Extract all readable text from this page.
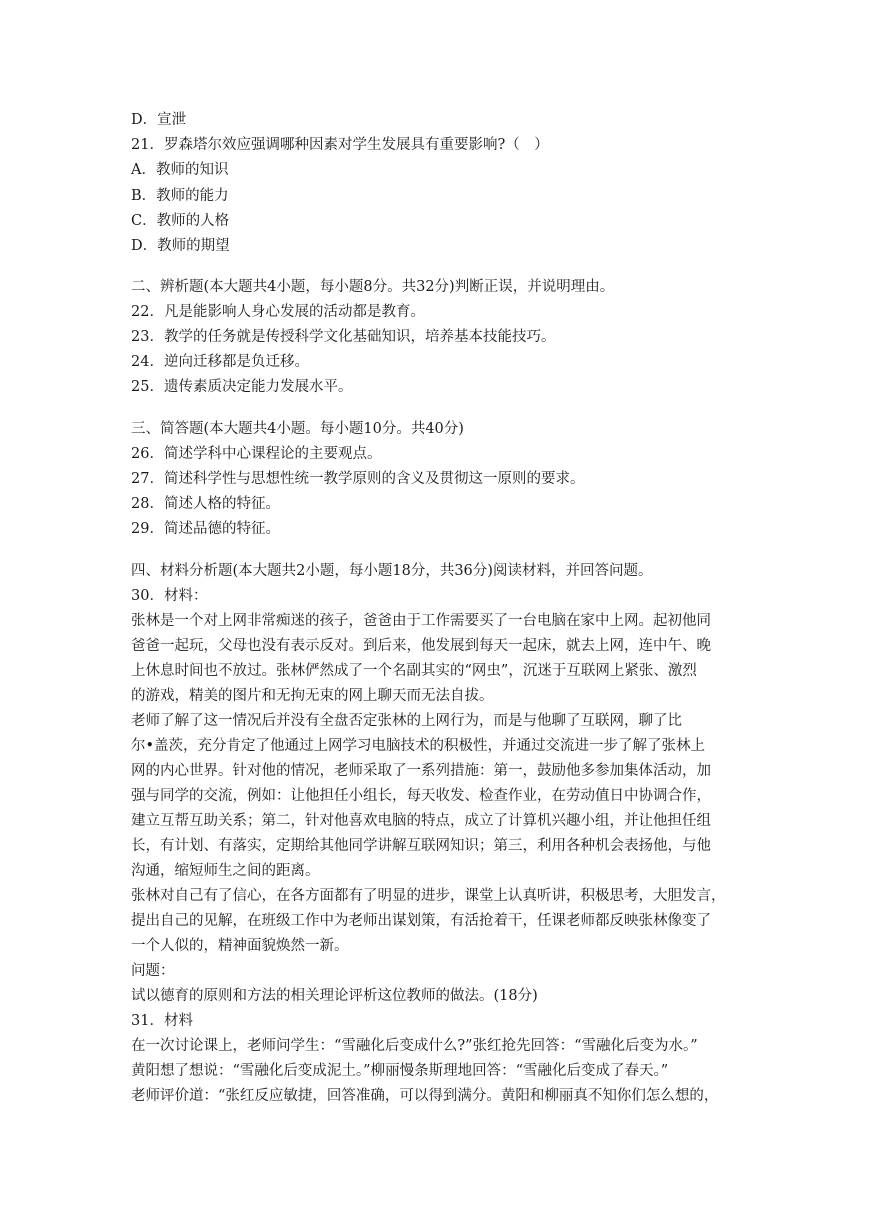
D．宣泄
21．罗森塔尔效应强调哪种因素对学生发展具有重要影响?（　）
A．教师的知识
B．教师的能力
C．教师的人格
D．教师的期望
二、辨析题(本大题共4小题，每小题8分。共32分)判断正误，并说明理由。
22．凡是能影响人身心发展的活动都是教育。
23．教学的任务就是传授科学文化基础知识，培养基本技能技巧。
24．逆向迁移都是负迁移。
25．遗传素质决定能力发展水平。
三、简答题(本大题共4小题。每小题10分。共40分)
26．简述学科中心课程论的主要观点。
27．简述科学性与思想性统一教学原则的含义及贯彻这一原则的要求。
28．简述人格的特征。
29．简述品德的特征。
四、材料分析题(本大题共2小题，每小题18分，共36分)阅读材料，并回答问题。
30．材料：
张林是一个对上网非常痴迷的孩子，爸爸由于工作需要买了一台电脑在家中上网。起初他同
爸爸一起玩，父母也没有表示反对。到后来，他发展到每天一起床，就去上网，连中午、晚
上休息时间也不放过。张林俨然成了一个名副其实的“网虫”，沉迷于互联网上紧张、激烈
的游戏，精美的图片和无拘无束的网上聊天而无法自拔。
老师了解了这一情况后并没有全盘否定张林的上网行为，而是与他聊了互联网，聊了比
尔•盖茨，充分肯定了他通过上网学习电脑技术的积极性，并通过交流进一步了解了张林上
网的内心世界。针对他的情况，老师采取了一系列措施：第一，鼓励他多参加集体活动，加
强与同学的交流，例如：让他担任小组长，每天收发、检查作业，在劳动值日中协调合作，
建立互帮互助关系；第二，针对他喜欢电脑的特点，成立了计算机兴趣小组，并让他担任组
长，有计划、有落实，定期给其他同学讲解互联网知识；第三，利用各种机会表扬他，与他
沟通，缩短师生之间的距离。
张林对自己有了信心，在各方面都有了明显的进步，课堂上认真听讲，积极思考，大胆发言，
提出自己的见解，在班级工作中为老师出谋划策，有活抢着干，任课老师都反映张林像变了
一个人似的，精神面貌焕然一新。
问题：
试以德育的原则和方法的相关理论评析这位教师的做法。(18分)
31．材料
在一次讨论课上，老师问学生：“雪融化后变成什么?”张红抢先回答：“雪融化后变为水。”
黄阳想了想说：“雪融化后变成泥土。”柳丽慢条斯理地回答：“雪融化后变成了春天。”
老师评价道：“张红反应敏捷，回答准确，可以得到满分。黄阳和柳丽真不知你们怎么想的，
